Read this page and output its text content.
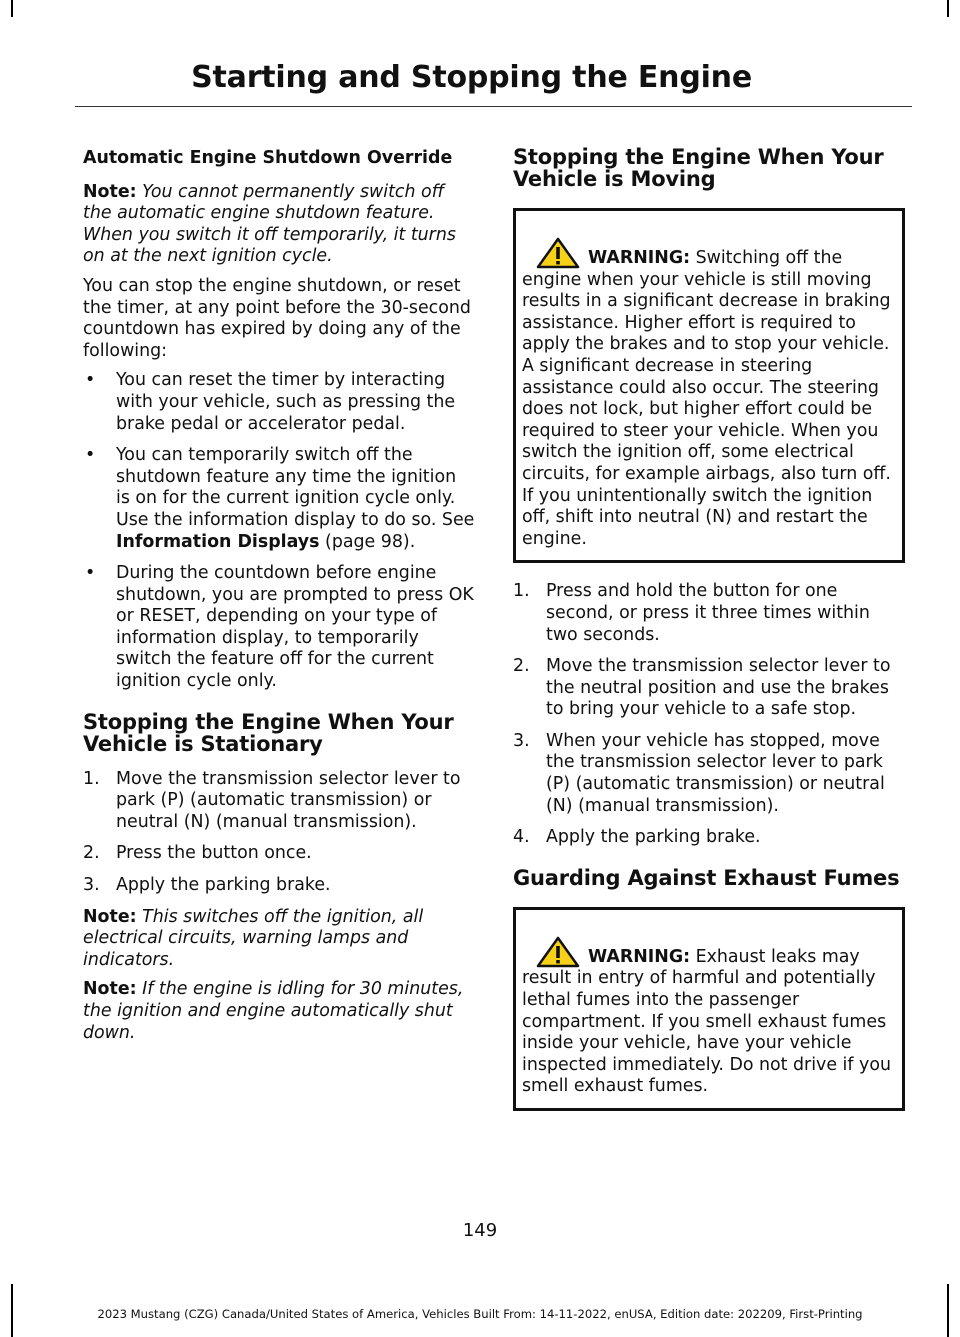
Starting and Stopping the Engine

Automatic Engine Shutdown Override

Note: You cannot permanently switch off the automatic engine shutdown feature. When you switch it off temporarily, it turns on at the next ignition cycle.

You can stop the engine shutdown, or reset the timer, at any point before the 30-second countdown has expired by doing any of the following:

• You can reset the timer by interacting with your vehicle, such as pressing the brake pedal or accelerator pedal.
• You can temporarily switch off the shutdown feature any time the ignition is on for the current ignition cycle only. Use the information display to do so. See Information Displays (page 98).
• During the countdown before engine shutdown, you are prompted to press OK or RESET, depending on your type of information display, to temporarily switch the feature off for the current ignition cycle only.
Stopping the Engine When Your Vehicle is Stationary
1. Move the transmission selector lever to park (P) (automatic transmission) or neutral (N) (manual transmission).
2. Press the button once.
3. Apply the parking brake.

Note: This switches off the ignition, all electrical circuits, warning lamps and indicators.

Note: If the engine is idling for 30 minutes, the ignition and engine automatically shut down.

Stopping the Engine When Your Vehicle is Moving
WARNING: Switching off the engine when your vehicle is still moving results in a significant decrease in braking assistance. Higher effort is required to apply the brakes and to stop your vehicle. A significant decrease in steering assistance could also occur. The steering does not lock, but higher effort could be required to steer your vehicle. When you switch the ignition off, some electrical circuits, for example airbags, also turn off. If you unintentionally switch the ignition off, shift into neutral (N) and restart the engine.
1. Press and hold the button for one second, or press it three times within two seconds.
2. Move the transmission selector lever to the neutral position and use the brakes to bring your vehicle to a safe stop.
3. When your vehicle has stopped, move the transmission selector lever to park (P) (automatic transmission) or neutral (N) (manual transmission).
4. Apply the parking brake.
Guarding Against Exhaust Fumes
WARNING: Exhaust leaks may result in entry of harmful and potentially lethal fumes into the passenger compartment. If you smell exhaust fumes inside your vehicle, have your vehicle inspected immediately. Do not drive if you smell exhaust fumes.

149

2023 Mustang (CZG) Canada/United States of America, Vehicles Built From: 14-11-2022, enUSA, Edition date: 202209, First-Printing
